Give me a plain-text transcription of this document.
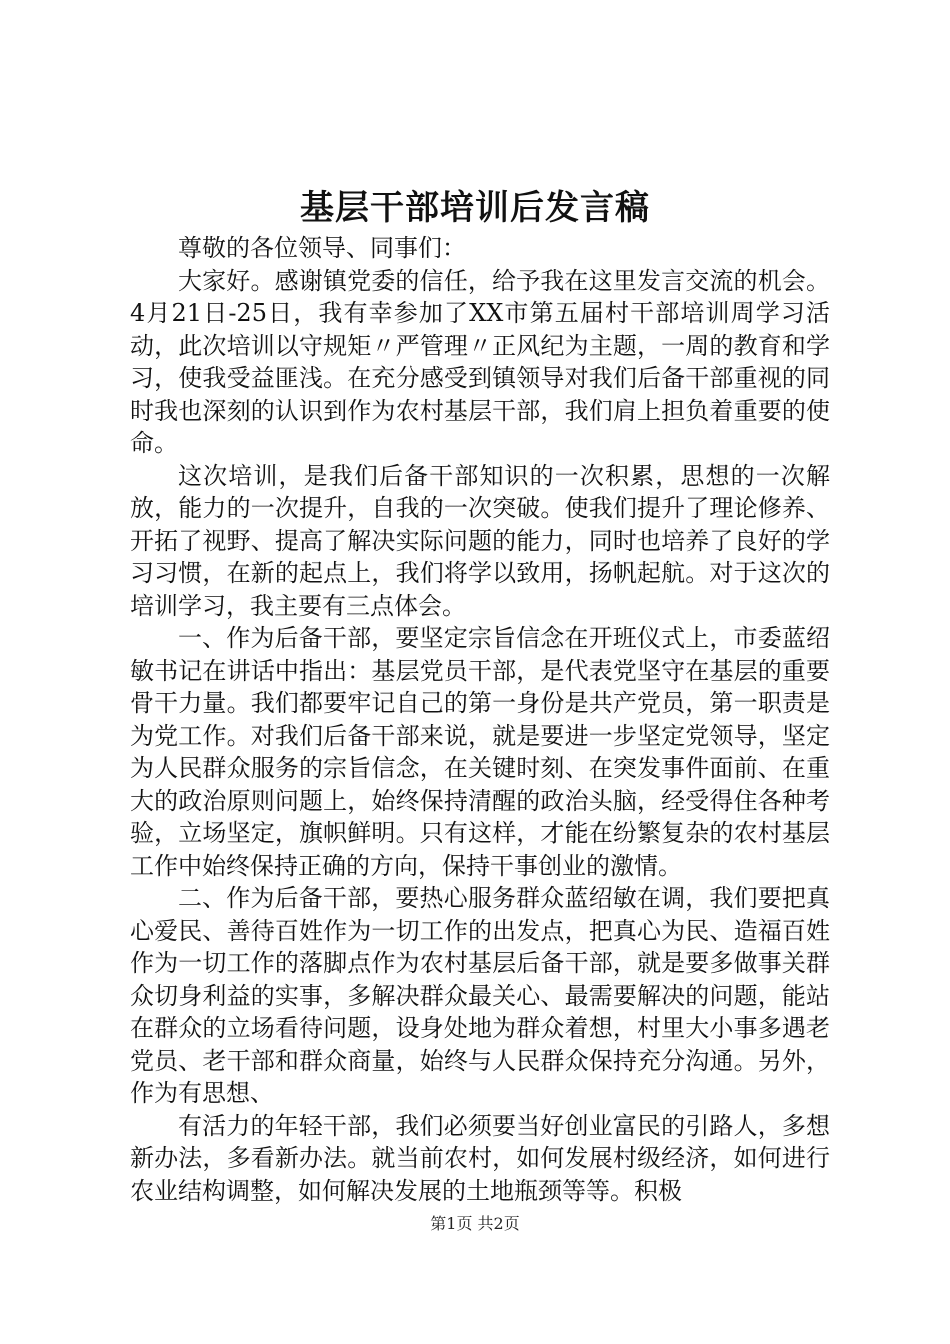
基层干部培训后发言稿

尊敬的各位领导、同事们：

大家好。感谢镇党委的信任，给予我在这里发言交流的机会。4月21日-25日，我有幸参加了XX市第五届村干部培训周学习活动，此次培训以守规矩〃严管理〃正风纪为主题，一周的教育和学习，使我受益匪浅。在充分感受到镇领导对我们后备干部重视的同时我也深刻的认识到作为农村基层干部，我们肩上担负着重要的使命。

这次培训，是我们后备干部知识的一次积累，思想的一次解放，能力的一次提升，自我的一次突破。使我们提升了理论修养、开拓了视野、提高了解决实际问题的能力，同时也培养了良好的学习习惯，在新的起点上，我们将学以致用，扬帆起航。对于这次的培训学习，我主要有三点体会。

一、作为后备干部，要坚定宗旨信念在开班仪式上，市委蓝绍敏书记在讲话中指出：基层党员干部，是代表党坚守在基层的重要骨干力量。我们都要牢记自己的第一身份是共产党员，第一职责是为党工作。对我们后备干部来说，就是要进一步坚定党领导，坚定为人民群众服务的宗旨信念，在关键时刻、在突发事件面前、在重大的政治原则问题上，始终保持清醒的政治头脑，经受得住各种考验，立场坚定，旗帜鲜明。只有这样，才能在纷繁复杂的农村基层工作中始终保持正确的方向，保持干事创业的激情。

二、作为后备干部，要热心服务群众蓝绍敏在调，我们要把真心爱民、善待百姓作为一切工作的出发点，把真心为民、造福百姓作为一切工作的落脚点作为农村基层后备干部，就是要多做事关群众切身利益的实事，多解决群众最关心、最需要解决的问题，能站在群众的立场看待问题，设身处地为群众着想，村里大小事多遇老党员、老干部和群众商量，始终与人民群众保持充分沟通。另外，作为有思想、

有活力的年轻干部，我们必须要当好创业富民的引路人，多想新办法，多看新办法。就当前农村，如何发展村级经济，如何进行农业结构调整，如何解决发展的土地瓶颈等等。积极

第1页 共2页
